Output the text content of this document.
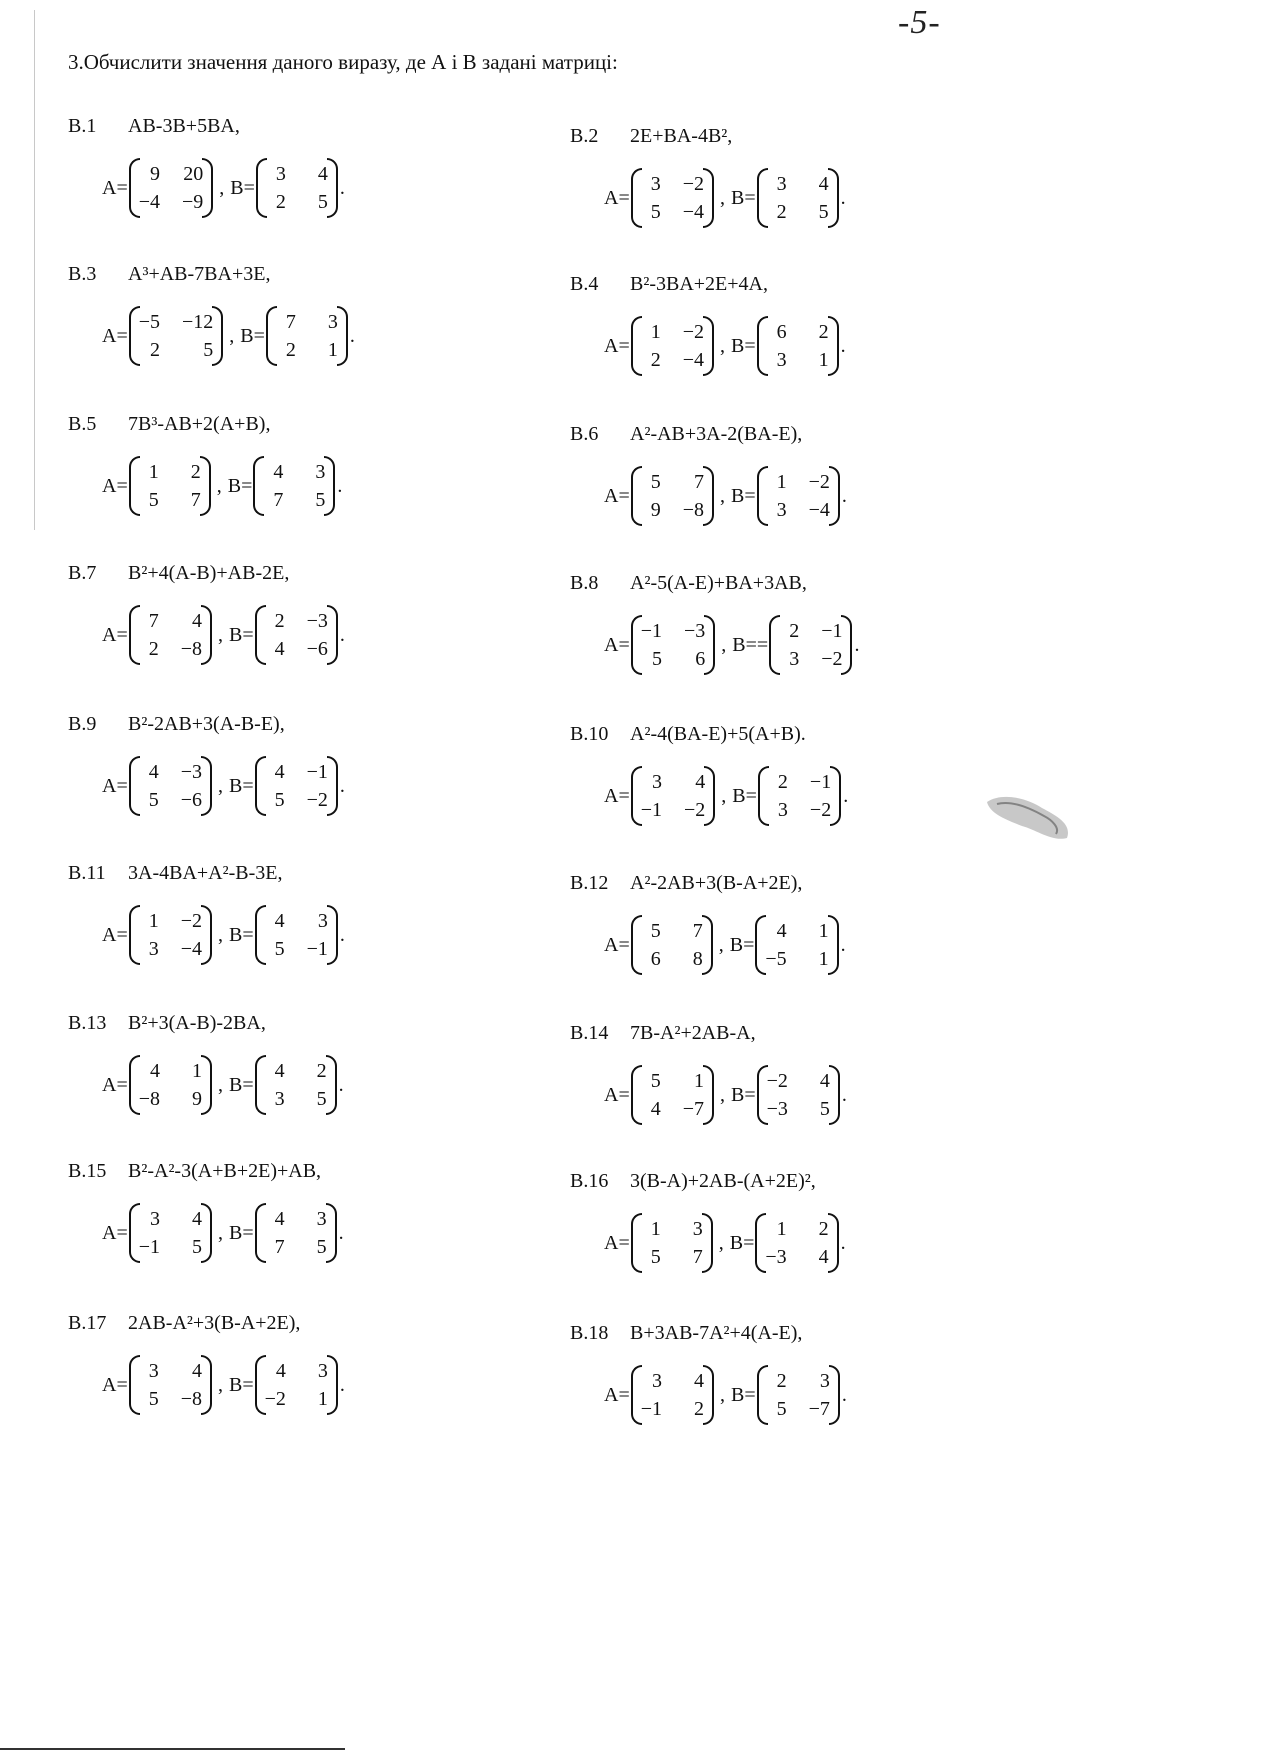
-5-
3.Обчислити значення даного виразу, де А і В задані матриці:
В.1	AB-3B+5BA,
A=
9 20
−4 −9
, B=
3	4
2	5
.
В.2	2E+BA-4B²,
A=
3 −2
5 −4
, B=
3	4
2	5
.
В.3	A³+AB-7BA+3E,
A=
−5 −12
2	5
, B=
7	3
2	1
.
В.4	B²-3BA+2E+4A,
A=
1 −2
2 −4
, B=
6	2
3	1
.
В.5	7B³-AB+2(A+B),
A=
1	2
5	7
, B=
4	3
7	5
.
В.6	A²-AB+3A-2(BA-E),
A=
5	7
9 −8
, B=
1 −2
3 −4
.
В.7	B²+4(A-B)+AB-2E,
A=
7	4
2 −8
, B=
2 −3
4 −6
.
В.8	A²-5(A-E)+BA+3AB,
A=
−1 −3
5	6
, B==
2 −1
3 −2
.
В.9	B²-2AB+3(A-B-E),
A=
4 −3
5 −6
, B=
4 −1
5 −2
.
В.10	A²-4(BA-E)+5(A+B).
A=
3	4
−1 −2
, B=
2 −1
3 −2
.
В.11	3A-4BA+A²-B-3E,
A=
1 −2
3 −4
, B=
4	3
5 −1
.
В.12	A²-2AB+3(B-A+2E),
A=
5	7
6	8
, B=
4	1
−5	1
.
В.13	B²+3(A-B)-2BA,
A=
4	1
−8	9
, B=
4	2
3	5
.
В.14	7B-A²+2AB-A,
A=
5	1
4 −7
, B=
−2	4
−3	5
.
В.15	B²-A²-3(A+B+2E)+AB,
A=
3	4
−1	5
, B=
4	3
7	5
.
В.16	3(B-A)+2AB-(A+2E)²,
A=
1	3
5	7
, B=
1	2
−3	4
.
В.17	2AB-A²+3(B-A+2E),
A=
3	4
5 −8
, B=
4	3
−2	1
.
В.18	B+3AB-7A²+4(A-E),
A=
3	4
−1	2
, B=
2	3
5 −7
.
